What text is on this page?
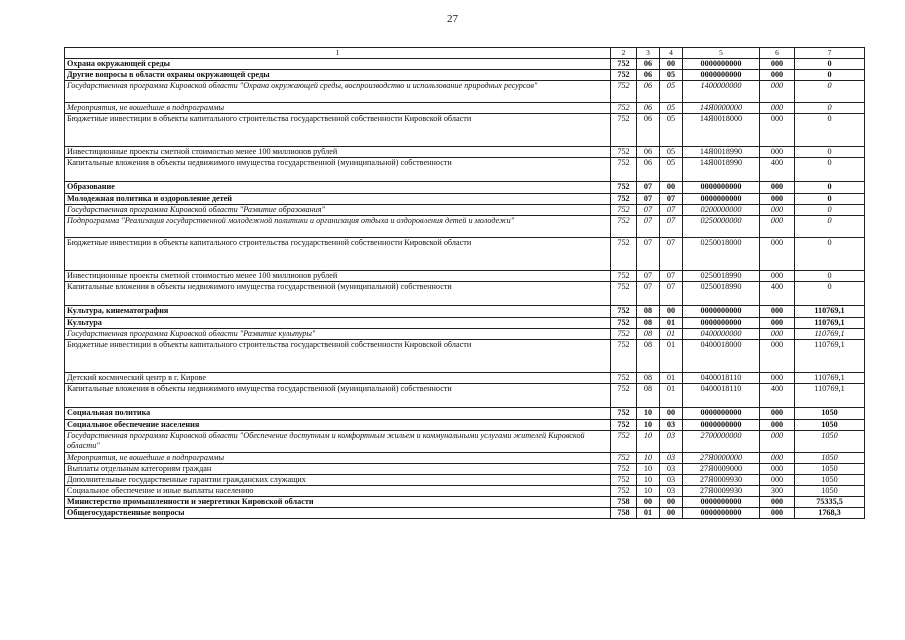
27
1	2	3	4	5	6	7
Охрана окружающей среды	752	06	00	0000000000	000	0
Другие вопросы в области охраны окружающей среды	752	06	05	0000000000	000	0
Государственная программа Кировской области "Охрана окружающей среды, воспроизводство и использование природных ресурсов"	752	06	05	1400000000	000	0
Мероприятия, не вошедшие в подпрограммы	752	06	05	14Я0000000	000	0
Бюджетные инвестиции в объекты капитального строительства государственной собственности Кировской области	752	06	05	14Я0018000	000	0
Инвестиционные проекты сметной стоимостью менее 100 миллионов рублей	752	06	05	14Я0018990	000	0
Капитальные вложения в объекты недвижимого имущества государственной (муниципальной) собственности	752	06	05	14Я0018990	400	0
Образование	752	07	00	0000000000	000	0
Молодежная политика и оздоровление детей	752	07	07	0000000000	000	0
Государственная программа Кировской области "Развитие образования"	752	07	07	0200000000	000	0
Подпрограмма "Реализация государственной молодежной политики и организация отдыха и оздоровления детей и молодежи"	752	07	07	0250000000	000	0
Бюджетные инвестиции в объекты капитального строительства государственной собственности Кировской области	752	07	07	0250018000	000	0
Инвестиционные проекты сметной стоимостью менее 100 миллионов рублей	752	07	07	0250018990	000	0
Капитальные вложения в объекты недвижимого имущества государственной (муниципальной) собственности	752	07	07	0250018990	400	0
Культура, кинематография	752	08	00	0000000000	000	110769,1
Культура	752	08	01	0000000000	000	110769,1
Государственная программа Кировской области "Развитие культуры"	752	08	01	0400000000	000	110769,1
Бюджетные инвестиции в объекты капитального строительства государственной собственности Кировской области	752	08	01	0400018000	000	110769,1
Детский космический центр в г. Кирове	752	08	01	0400018110	000	110769,1
Капитальные вложения в объекты недвижимого имущества государственной (муниципальной) собственности	752	08	01	0400018110	400	110769,1
Социальная политика	752	10	00	0000000000	000	1050
Социальное обеспечение населения	752	10	03	0000000000	000	1050
Государственная программа Кировской области "Обеспечение доступным и комфортным жильем и коммунальными услугами жителей Кировской области"	752	10	03	2700000000	000	1050
Мероприятия, не вошедшие в подпрограммы	752	10	03	27Я0000000	000	1050
Выплаты отдельным категориям граждан	752	10	03	27Я0009000	000	1050
Дополнительные государственные гарантии гражданских служащих	752	10	03	27Я0009930	000	1050
Социальное обеспечение и иные выплаты населению	752	10	03	27Я0009930	300	1050
Министерство промышленности и энергетики Кировской области	758	00	00	0000000000	000	75335,5
Общегосударственные вопросы	758	01	00	0000000000	000	1768,3
